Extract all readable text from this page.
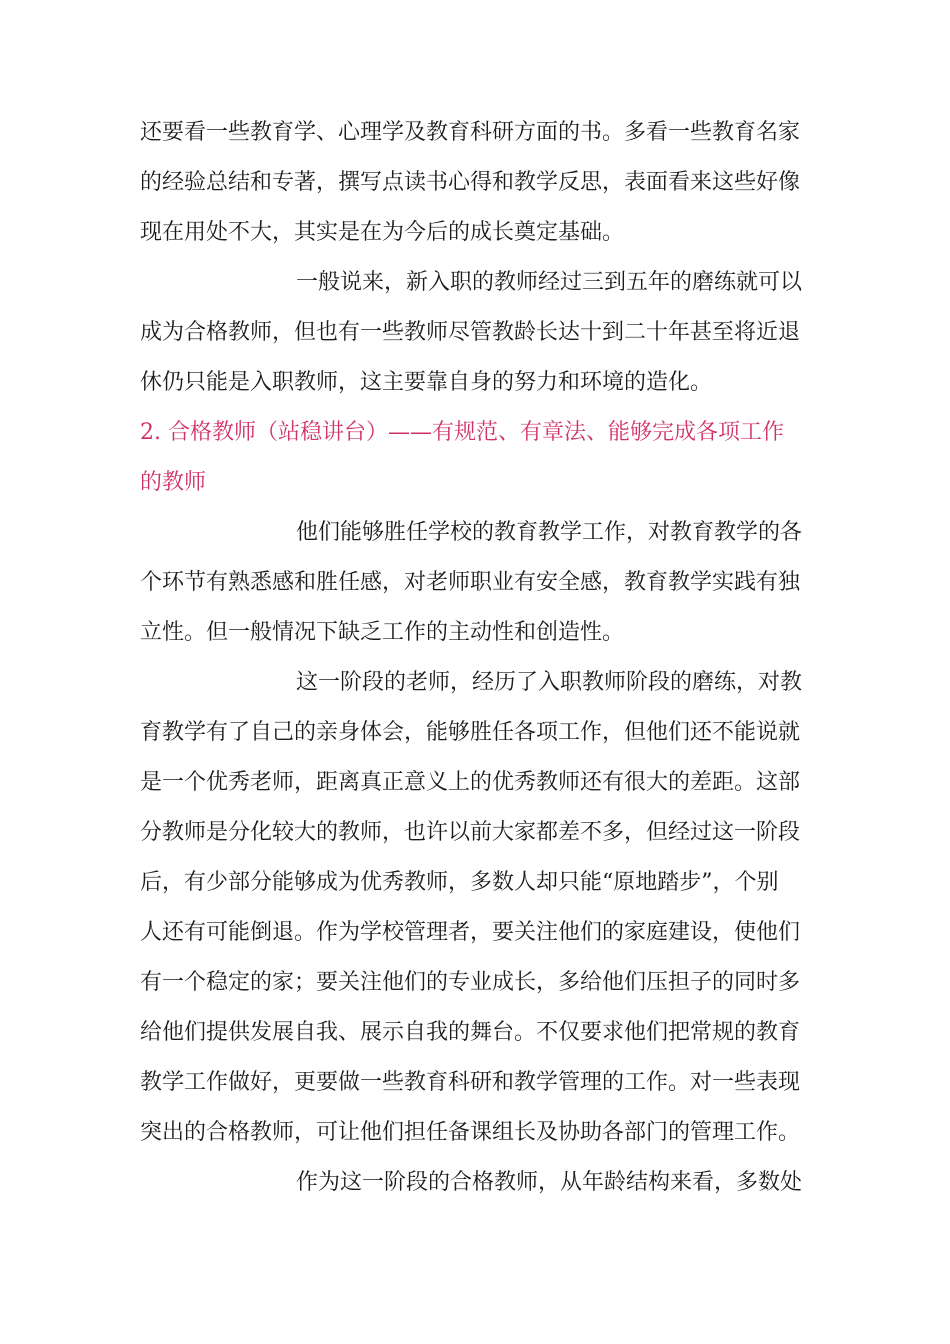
还要看一些教育学、心理学及教育科研方面的书。多看一些教育名家
的经验总结和专著，撰写点读书心得和教学反思，表面看来这些好像
现在用处不大，其实是在为今后的成长奠定基础。
一般说来，新入职的教师经过三到五年的磨练就可以
成为合格教师，但也有一些教师尽管教龄长达十到二十年甚至将近退
休仍只能是入职教师，这主要靠自身的努力和环境的造化。
2. 合格教师（站稳讲台）——有规范、有章法、能够完成各项工作
的教师
他们能够胜任学校的教育教学工作，对教育教学的各
个环节有熟悉感和胜任感，对老师职业有安全感，教育教学实践有独
立性。但一般情况下缺乏工作的主动性和创造性。
这一阶段的老师，经历了入职教师阶段的磨练，对教
育教学有了自己的亲身体会，能够胜任各项工作，但他们还不能说就
是一个优秀老师，距离真正意义上的优秀教师还有很大的差距。这部
分教师是分化较大的教师，也许以前大家都差不多，但经过这一阶段
后，有少部分能够成为优秀教师，多数人却只能“原地踏步”，个别
人还有可能倒退。作为学校管理者，要关注他们的家庭建设，使他们
有一个稳定的家；要关注他们的专业成长，多给他们压担子的同时多
给他们提供发展自我、展示自我的舞台。不仅要求他们把常规的教育
教学工作做好，更要做一些教育科研和教学管理的工作。对一些表现
突出的合格教师，可让他们担任备课组长及协助各部门的管理工作。
作为这一阶段的合格教师，从年龄结构来看，多数处
